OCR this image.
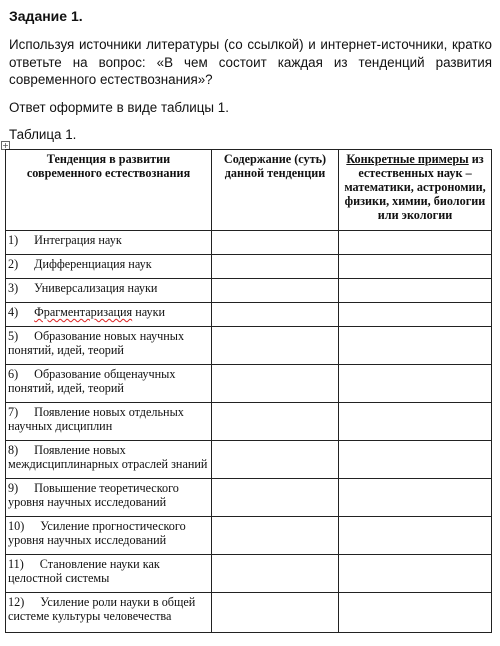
Задание 1.
Используя источники литературы (со ссылкой) и интернет-источники, кратко ответьте на вопрос: «В чем состоит каждая из тенденций развития современного естествознания»?
Ответ оформите в виде таблицы 1.
Таблица 1.
+
Тенденция в развитии современного естествознания	Содержание (суть) данной тенденции	Конкретные примеры из естественных наук – математики, астрономии, физики, химии, биологии или экологии
1) Интеграция наук		
2) Дифференциация наук		
3) Универсализация науки		
4) Фрагментаризация науки		
5) Образование новых научных понятий, идей, теорий		
6) Образование общенаучных понятий, идей, теорий		
7) Появление новых отдельных научных дисциплин		
8) Появление новых междисциплинарных отраслей знаний		
9) Повышение теоретического уровня научных исследований		
10) Усиление прогностического уровня научных исследований		
11) Становление науки как целостной системы		
12) Усиление роли науки в общей системе культуры человечества		
